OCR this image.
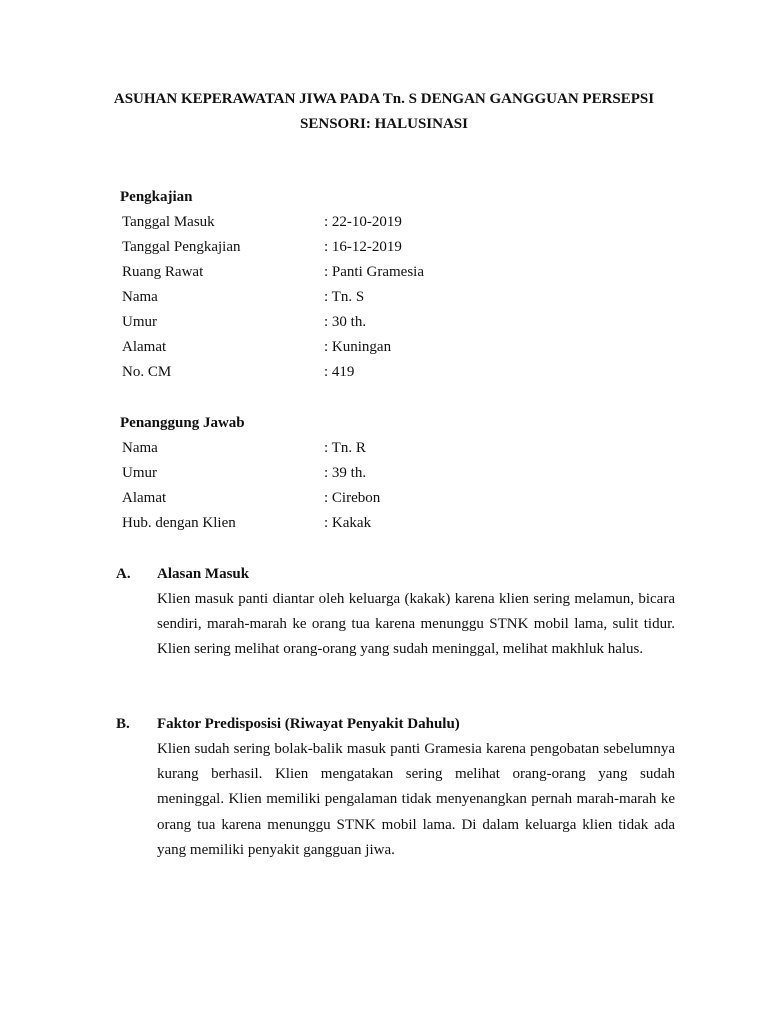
ASUHAN KEPERAWATAN JIWA PADA Tn. S DENGAN GANGGUAN PERSEPSI
SENSORI: HALUSINASI
Pengkajian
Tanggal Masuk	: 22-10-2019
Tanggal Pengkajian	: 16-12-2019
Ruang Rawat	: Panti Gramesia
Nama	: Tn. S
Umur	: 30 th.
Alamat	: Kuningan
No. CM	: 419
Penanggung Jawab
Nama	: Tn. R
Umur	: 39 th.
Alamat	: Cirebon
Hub. dengan Klien	: Kakak
A. Alasan Masuk
Klien masuk panti diantar oleh keluarga (kakak) karena klien sering melamun, bicara sendiri, marah-marah ke orang tua karena menunggu STNK mobil lama, sulit tidur. Klien sering melihat orang-orang yang sudah meninggal, melihat makhluk halus.
B. Faktor Predisposisi (Riwayat Penyakit Dahulu)
Klien sudah sering bolak-balik masuk panti Gramesia karena pengobatan sebelumnya kurang berhasil. Klien mengatakan sering melihat orang-orang yang sudah meninggal. Klien memiliki pengalaman tidak menyenangkan pernah marah-marah ke orang tua karena menunggu STNK mobil lama. Di dalam keluarga klien tidak ada yang memiliki penyakit gangguan jiwa.
